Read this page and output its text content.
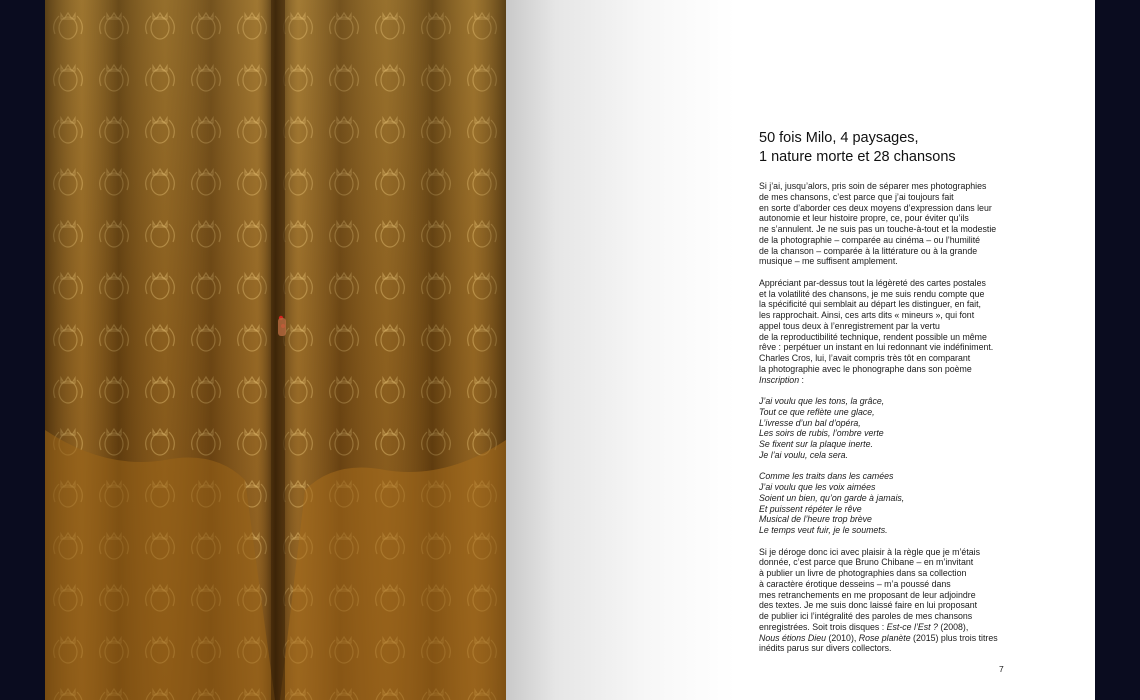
50 fois Milo, 4 paysages,
1 nature morte et 28 chansons

Si j’ai, jusqu’alors, pris soin de séparer mes photographies
de mes chansons, c’est parce que j’ai toujours fait
en sorte d’aborder ces deux moyens d’expression dans leur
autonomie et leur histoire propre, ce, pour éviter qu’ils
ne s’annulent. Je ne suis pas un touche-à-tout et la modestie
de la photographie – comparée au cinéma – ou l’humilité
de la chanson – comparée à la littérature ou à la grande
musique – me suffisent amplement.

Appréciant par-dessus tout la légèreté des cartes postales
et la volatilité des chansons, je me suis rendu compte que
la spécificité qui semblait au départ les distinguer, en fait,
les rapprochait. Ainsi, ces arts dits « mineurs », qui font
appel tous deux à l’enregistrement par la vertu
de la reproductibilité technique, rendent possible un même
rêve : perpétuer un instant en lui redonnant vie indéfiniment.
Charles Cros, lui, l’avait compris très tôt en comparant
la photographie avec le phonographe dans son poème
Inscription :

J’ai voulu que les tons, la grâce,
Tout ce que reflète une glace,
L’ivresse d’un bal d’opéra,
Les soirs de rubis, l’ombre verte
Se fixent sur la plaque inerte.
Je l’ai voulu, cela sera.

Comme les traits dans les camées
J’ai voulu que les voix aimées
Soient un bien, qu’on garde à jamais,
Et puissent répéter le rêve
Musical de l’heure trop brève
Le temps veut fuir, je le soumets.

Si je déroge donc ici avec plaisir à la règle que je m’étais
donnée, c’est parce que Bruno Chibane – en m’invitant
à publier un livre de photographies dans sa collection
à caractère érotique desseins – m’a poussé dans
mes retranchements en me proposant de leur adjoindre
des textes. Je me suis donc laissé faire en lui proposant
de publier ici l’intégralité des paroles de mes chansons
enregistrées. Soit trois disques : Est-ce l’Est ? (2008),
Nous étions Dieu (2010), Rose planète (2015) plus trois titres
inédits parus sur divers collectors.

7
